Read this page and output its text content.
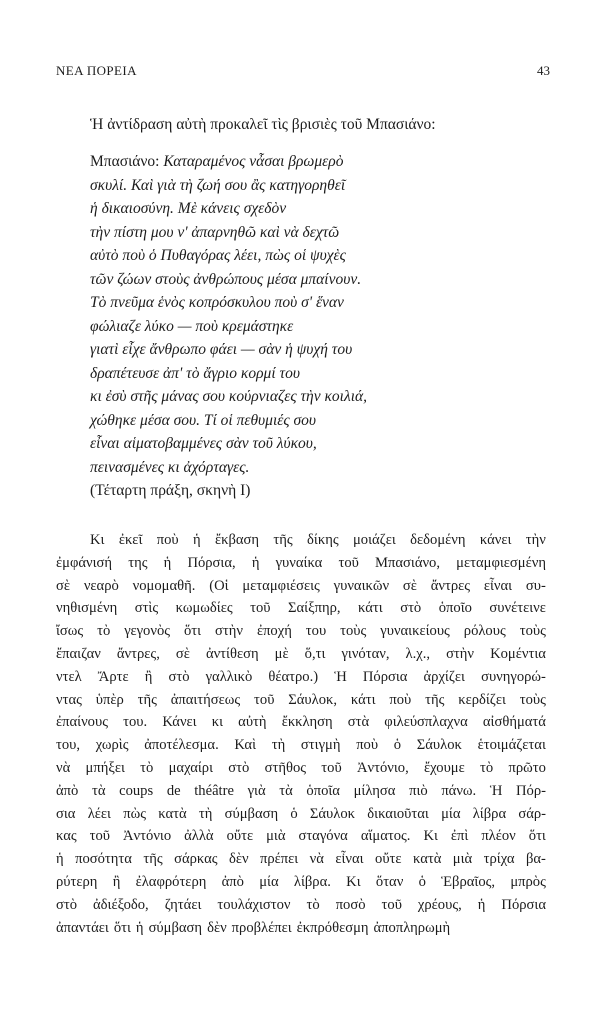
ΝΕΑ ΠΟΡΕΙΑ	43
Ἡ ἀντίδραση αὐτὴ προκαλεῖ τὶς βρισιὲς τοῦ Μπασιάνο:
Μπασιάνο: Καταραμένος νἆσαι βρωμερὸ
σκυλί. Καὶ γιὰ τὴ ζωή σου ἂς κατηγορηθεῖ
ἡ δικαιοσύνη. Μὲ κάνεις σχεδὸν
τὴν πίστη μου ν' ἀπαρνηθῶ καὶ νὰ δεχτῶ
αὐτὸ ποὺ ὁ Πυθαγόρας λέει, πὼς οἱ ψυχὲς
τῶν ζώων στοὺς ἀνθρώπους μέσα μπαίνουν.
Τὸ πνεῦμα ἑνὸς κοπρόσκυλου ποὺ σ' ἕναν
φώλιαζε λύκο — ποὺ κρεμάστηκε
γιατὶ εἶχε ἄνθρωπο φάει — σὰν ἡ ψυχή του
δραπέτευσε ἀπ' τὸ ἄγριο κορμί του
κι ἐσὺ στῆς μάνας σου κούρνιαζες τὴν κοιλιά,
χώθηκε μέσα σου. Τί οἱ πεθυμιές σου
εἶναι αἱματοβαμμένες σὰν τοῦ λύκου,
πεινασμένες κι ἀχόρταγες.
(Τέταρτη πράξη, σκηνὴ Ι)
Κι ἐκεῖ ποὺ ἡ ἔκβαση τῆς δίκης μοιάζει δεδομένη κάνει τὴν
ἐμφάνισή της ἡ Πόρσια, ἡ γυναίκα τοῦ Μπασιάνο, μεταμφιεσμένη
σὲ νεαρὸ νομομαθῆ. (Οἱ μεταμφιέσεις γυναικῶν σὲ ἄντρες εἶναι συ-
νηθισμένη στὶς κωμωδίες τοῦ Σαίξπηρ, κάτι στὸ ὁποῖο συνέτεινε
ἴσως τὸ γεγονὸς ὅτι στὴν ἐποχή του τοὺς γυναικείους ρόλους τοὺς
ἔπαιζαν ἄντρες, σὲ ἀντίθεση μὲ ὅ,τι γινόταν, λ.χ., στὴν Κομέντια
ντελ Ἄρτε ἢ στὸ γαλλικὸ θέατρο.) Ἡ Πόρσια ἀρχίζει συνηγορώ-
ντας ὑπὲρ τῆς ἀπαιτήσεως τοῦ Σάυλοκ, κάτι ποὺ τῆς κερδίζει τοὺς
ἐπαίνους του. Κάνει κι αὐτὴ ἔκκληση στὰ φιλεύσπλαχνα αἰσθήματά
του, χωρὶς ἀποτέλεσμα. Καὶ τὴ στιγμὴ ποὺ ὁ Σάυλοκ ἑτοιμάζεται
νὰ μπήξει τὸ μαχαίρι στὸ στῆθος τοῦ Ἀντόνιο, ἔχουμε τὸ πρῶτο
ἀπὸ τὰ coups de théâtre γιὰ τὰ ὁποῖα μίλησα πιὸ πάνω. Ἡ Πόρ-
σια λέει πὼς κατὰ τὴ σύμβαση ὁ Σάυλοκ δικαιοῦται μία λίβρα σάρ-
κας τοῦ Ἀντόνιο ἀλλὰ οὔτε μιὰ σταγόνα αἵματος. Κι ἐπὶ πλέον ὅτι
ἡ ποσότητα τῆς σάρκας δὲν πρέπει νὰ εἶναι οὔτε κατὰ μιὰ τρίχα βα-
ρύτερη ἢ ἐλαφρότερη ἀπὸ μία λίβρα. Κι ὅταν ὁ Ἑβραῖος, μπρὸς
στὸ ἀδιέξοδο, ζητάει τουλάχιστον τὸ ποσὸ τοῦ χρέους, ἡ Πόρσια
ἀπαντάει ὅτι ἡ σύμβαση δὲν προβλέπει ἐκπρόθεσμη ἀποπληρωμὴ
